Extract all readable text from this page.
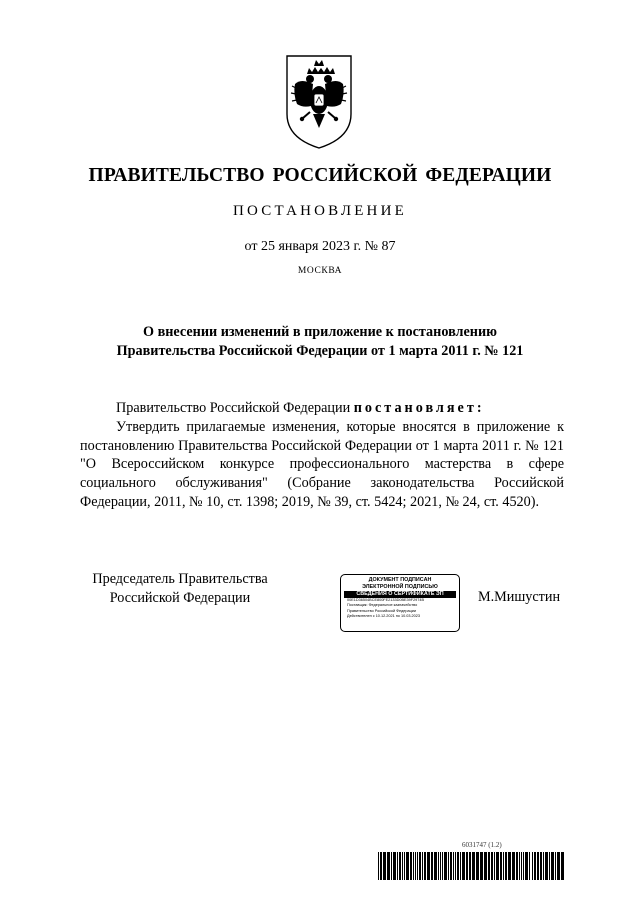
ПРАВИТЕЛЬСТВО РОССИЙСКОЙ ФЕДЕРАЦИИ
ПОСТАНОВЛЕНИЕ
от 25 января 2023 г. № 87
МОСКВА
О внесении изменений в приложение к постановлению
Правительства Российской Федерации от 1 марта 2011 г. № 121

Правительство Российской Федерации постановляет:

Утвердить прилагаемые изменения, которые вносятся в приложение к постановлению Правительства Российской Федерации от 1 марта 2011 г. № 121 "О Всероссийском конкурсе профессионального мастерства в сфере социального обслуживания" (Собрание законодательства Российской Федерации, 2011, № 10, ст. 1398; 2019, № 39, ст. 5424; 2021, № 24, ст. 4520).

Председатель Правительства
Российской Федерации
ДОКУМЕНТ ПОДПИСАН
ЭЛЕКТРОННОЙ ПОДПИСЬЮ
СВЕДЕНИЯ О СЕРТИФИКАТЕ ЭП
00E1D36504BCE800FE2133D0BE39F2974B
Поставщик: Федеральное казначейство
Правительство Российской Федерации
Действителен с 10.12.2021 по 10.03.2023
М.Мишустин
6031747 (1.2)
